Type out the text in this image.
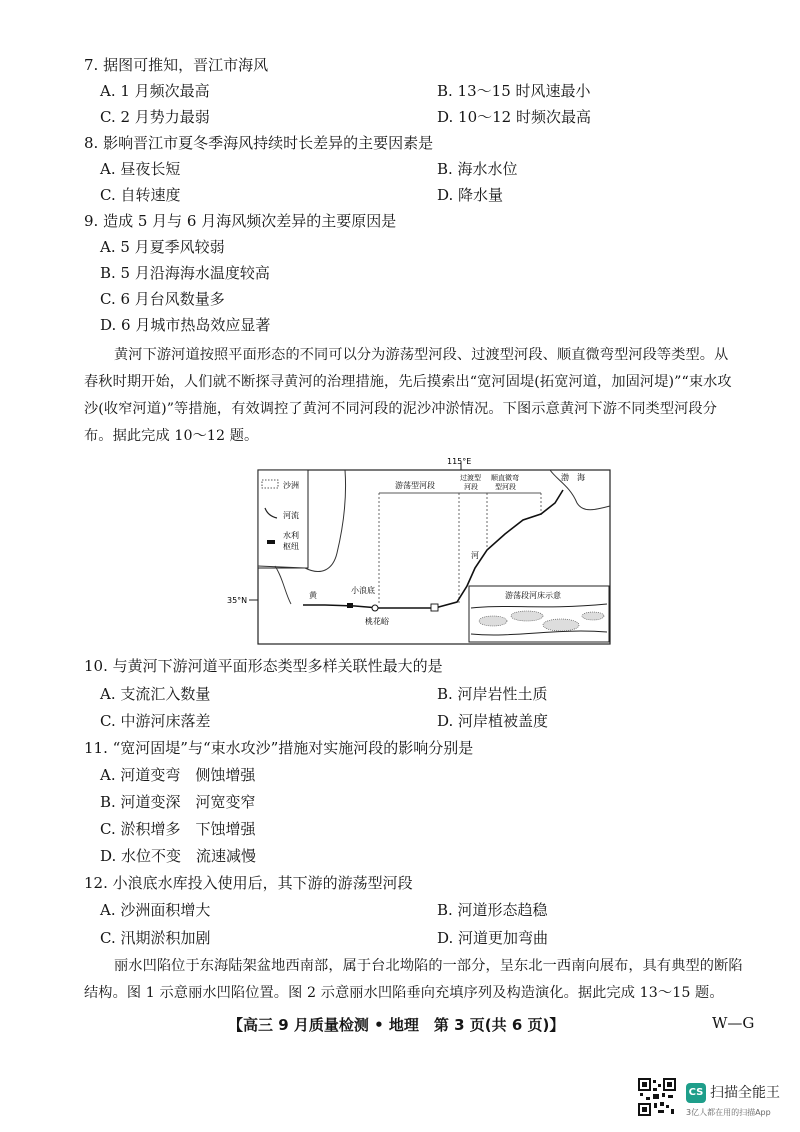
7. 据图可推知，晋江市海风
A. 1 月频次最高	B. 13～15 时风速最小
C. 2 月势力最弱	D. 10～12 时频次最高
8. 影响晋江市夏冬季海风持续时长差异的主要因素是
A. 昼夜长短	B. 海水水位
C. 自转速度	D. 降水量
9. 造成 5 月与 6 月海风频次差异的主要原因是
A. 5 月夏季风较弱
B. 5 月沿海海水温度较高
C. 6 月台风数量多
D. 6 月城市热岛效应显著
黄河下游河道按照平面形态的不同可以分为游荡型河段、过渡型河段、顺直微弯型河段等类型。从
春秋时期开始，人们就不断探寻黄河的治理措施，先后摸索出“宽河固堤(拓宽河道，加固河堤)”“束水攻
沙(收窄河道)”等措施，有效调控了黄河不同河段的泥沙冲淤情况。下图示意黄河下游不同类型河段分
布。据此完成 10～12 题。
115°E
35°N
沙洲
河流
水利
枢纽
游荡型河段
过渡型
河段
顺直微弯
型河段
渤　海
黄
河
小浪底
桃花峪
游荡段河床示意
10. 与黄河下游河道平面形态类型多样关联性最大的是
A. 支流汇入数量	B. 河岸岩性土质
C. 中游河床落差	D. 河岸植被盖度
11. “宽河固堤”与“束水攻沙”措施对实施河段的影响分别是
A. 河道变弯　侧蚀增强
B. 河道变深　河宽变窄
C. 淤积增多　下蚀增强
D. 水位不变　流速减慢
12. 小浪底水库投入使用后，其下游的游荡型河段
A. 沙洲面积增大	B. 河道形态趋稳
C. 汛期淤积加剧	D. 河道更加弯曲
丽水凹陷位于东海陆架盆地西南部，属于台北坳陷的一部分，呈东北一西南向展布，具有典型的断陷
结构。图 1 示意丽水凹陷位置。图 2 示意丽水凹陷垂向充填序列及构造演化。据此完成 13～15 题。
【高三 9 月质量检测 • 地理　第 3 页(共 6 页)】	W—G
CS 扫描全能王
3亿人都在用的扫描App
